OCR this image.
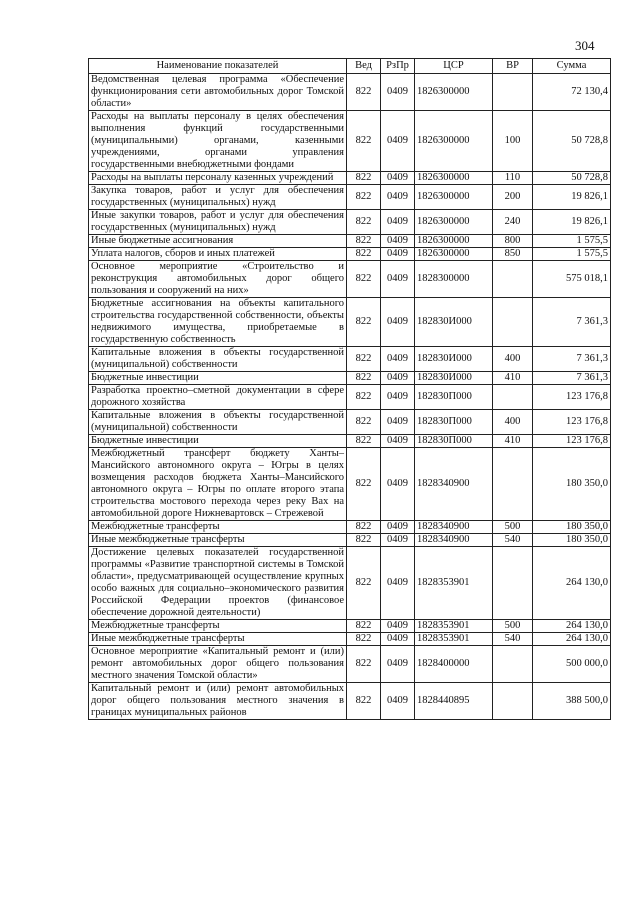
304
Наименование показателей	Вед	РзПр	ЦСР	ВР	Сумма
Ведомственная целевая программа «Обеспечение функционирования сети автомобильных дорог Томской области»	822	0409	1826300000		72 130,4
Расходы на выплаты персоналу в целях обеспечения выполнения функций государственными (муниципальными) органами, казенными учреждениями, органами управления государственными внебюджетными фондами	822	0409	1826300000	100	50 728,8
Расходы на выплаты персоналу казенных учреждений	822	0409	1826300000	110	50 728,8
Закупка товаров, работ и услуг для обеспечения государственных (муниципальных) нужд	822	0409	1826300000	200	19 826,1
Иные закупки товаров, работ и услуг для обеспечения государственных (муниципальных) нужд	822	0409	1826300000	240	19 826,1
Иные бюджетные ассигнования	822	0409	1826300000	800	1 575,5
Уплата налогов, сборов и иных платежей	822	0409	1826300000	850	1 575,5
Основное мероприятие «Строительство и реконструкция автомобильных дорог общего пользования и сооружений на них»	822	0409	1828300000		575 018,1
Бюджетные ассигнования на объекты капитального строительства государственной собственности, объекты недвижимого имущества, приобретаемые в государственную собственность	822	0409	182830И000		7 361,3
Капитальные вложения в объекты государственной (муниципальной) собственности	822	0409	182830И000	400	7 361,3
Бюджетные инвестиции	822	0409	182830И000	410	7 361,3
Разработка проектно–сметной документации в сфере дорожного хозяйства	822	0409	182830П000		123 176,8
Капитальные вложения в объекты государственной (муниципальной) собственности	822	0409	182830П000	400	123 176,8
Бюджетные инвестиции	822	0409	182830П000	410	123 176,8
Межбюджетный трансферт бюджету Ханты–Мансийского автономного округа – Югры в целях возмещения расходов бюджета Ханты–Мансийского автономного округа – Югры по оплате второго этапа строительства мостового перехода через реку Вах на автомобильной дороге Нижневартовск – Стрежевой	822	0409	1828340900		180 350,0
Межбюджетные трансферты	822	0409	1828340900	500	180 350,0
Иные межбюджетные трансферты	822	0409	1828340900	540	180 350,0
Достижение целевых показателей государственной программы «Развитие транспортной системы в Томской области», предусматривающей осуществление крупных особо важных для социально–экономического развития Российской Федерации проектов (финансовое обеспечение дорожной деятельности)	822	0409	1828353901		264 130,0
Межбюджетные трансферты	822	0409	1828353901	500	264 130,0
Иные межбюджетные трансферты	822	0409	1828353901	540	264 130,0
Основное мероприятие «Капитальный ремонт и (или) ремонт автомобильных дорог общего пользования местного значения Томской области»	822	0409	1828400000		500 000,0
Капитальный ремонт и (или) ремонт автомобильных дорог общего пользования местного значения в границах муниципальных районов	822	0409	1828440895		388 500,0
